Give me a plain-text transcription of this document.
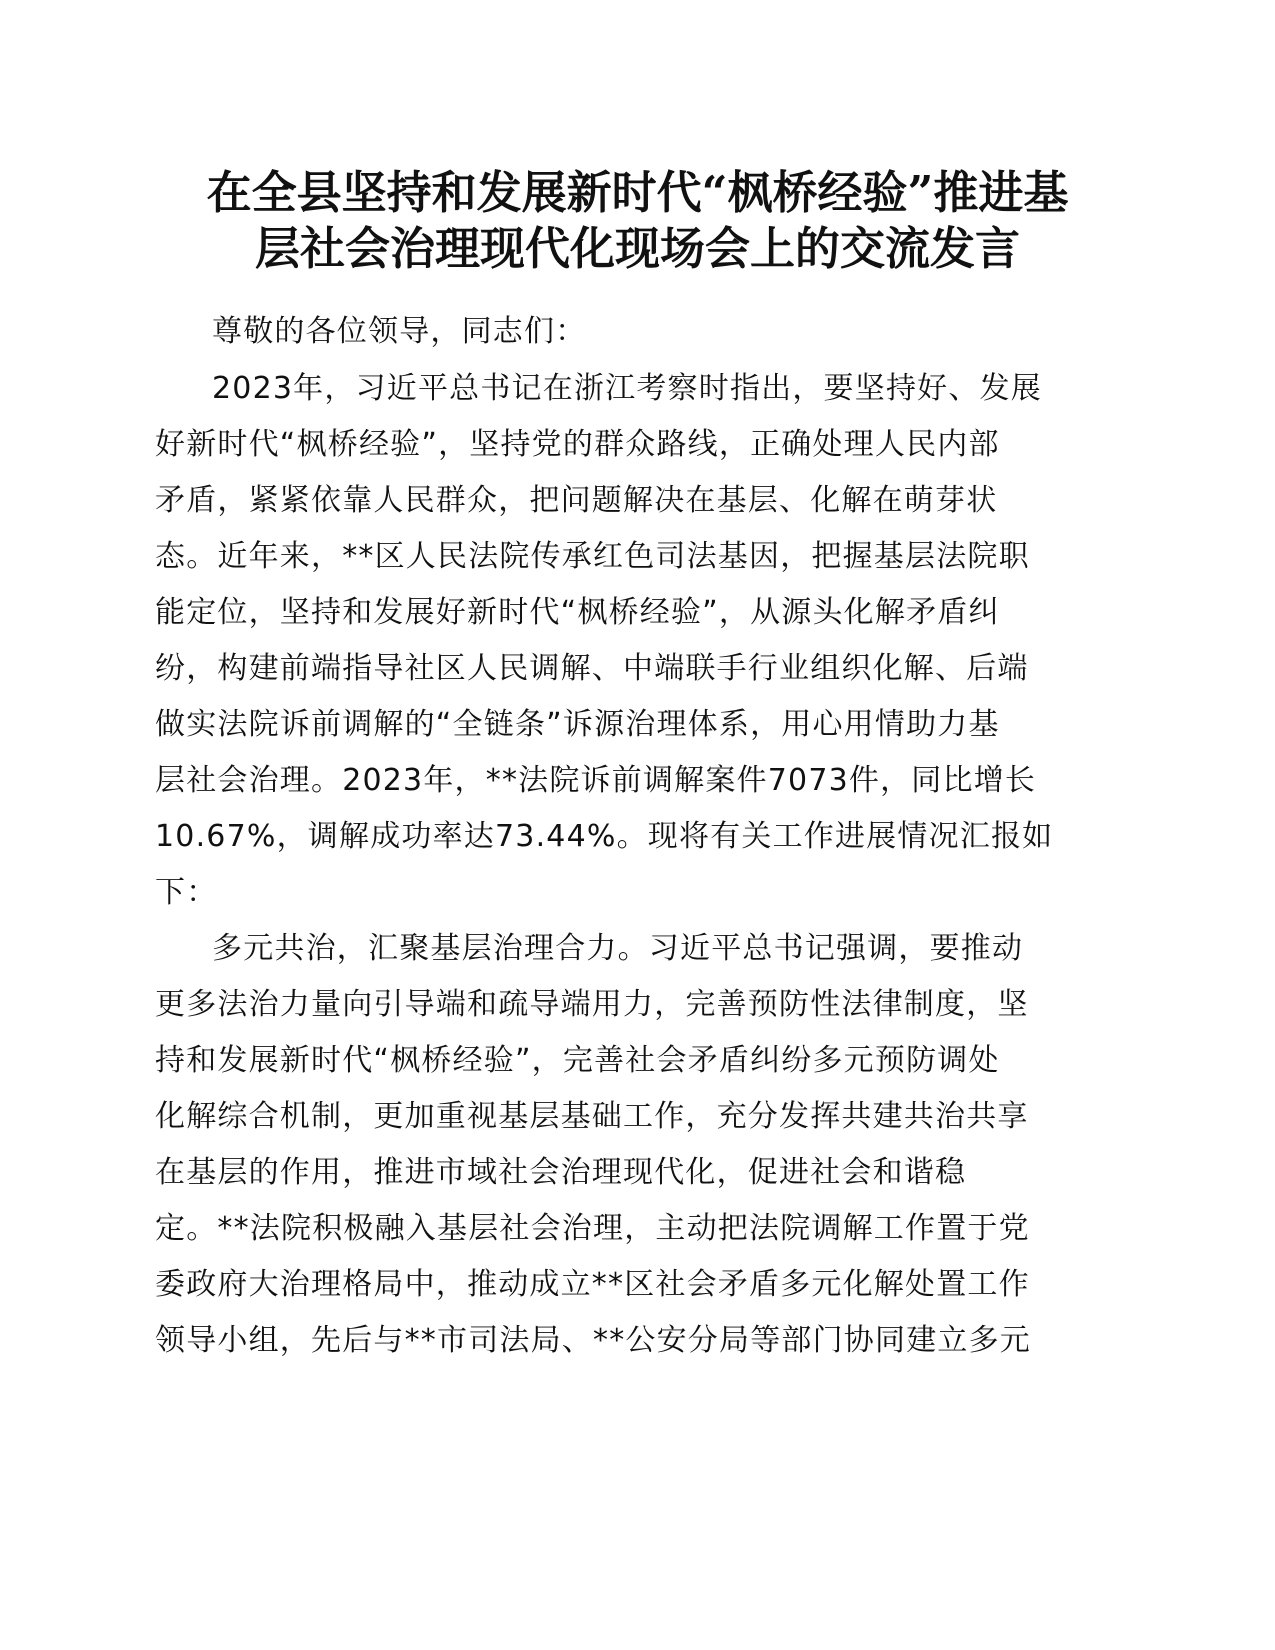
在全县坚持和发展新时代“枫桥经验”推进基
层社会治理现代化现场会上的交流发言
尊敬的各位领导，同志们：
2023年，习近平总书记在浙江考察时指出，要坚持好、发展
好新时代“枫桥经验”，坚持党的群众路线，正确处理人民内部
矛盾，紧紧依靠人民群众，把问题解决在基层、化解在萌芽状
态。近年来，**区人民法院传承红色司法基因，把握基层法院职
能定位，坚持和发展好新时代“枫桥经验”，从源头化解矛盾纠
纷，构建前端指导社区人民调解、中端联手行业组织化解、后端
做实法院诉前调解的“全链条”诉源治理体系，用心用情助力基
层社会治理。2023年，**法院诉前调解案件7073件，同比增长
10.67%，调解成功率达73.44%。现将有关工作进展情况汇报如
下：
多元共治，汇聚基层治理合力。习近平总书记强调，要推动
更多法治力量向引导端和疏导端用力，完善预防性法律制度，坚
持和发展新时代“枫桥经验”，完善社会矛盾纠纷多元预防调处
化解综合机制，更加重视基层基础工作，充分发挥共建共治共享
在基层的作用，推进市域社会治理现代化，促进社会和谐稳
定。**法院积极融入基层社会治理，主动把法院调解工作置于党
委政府大治理格局中，推动成立**区社会矛盾多元化解处置工作
领导小组，先后与**市司法局、**公安分局等部门协同建立多元
